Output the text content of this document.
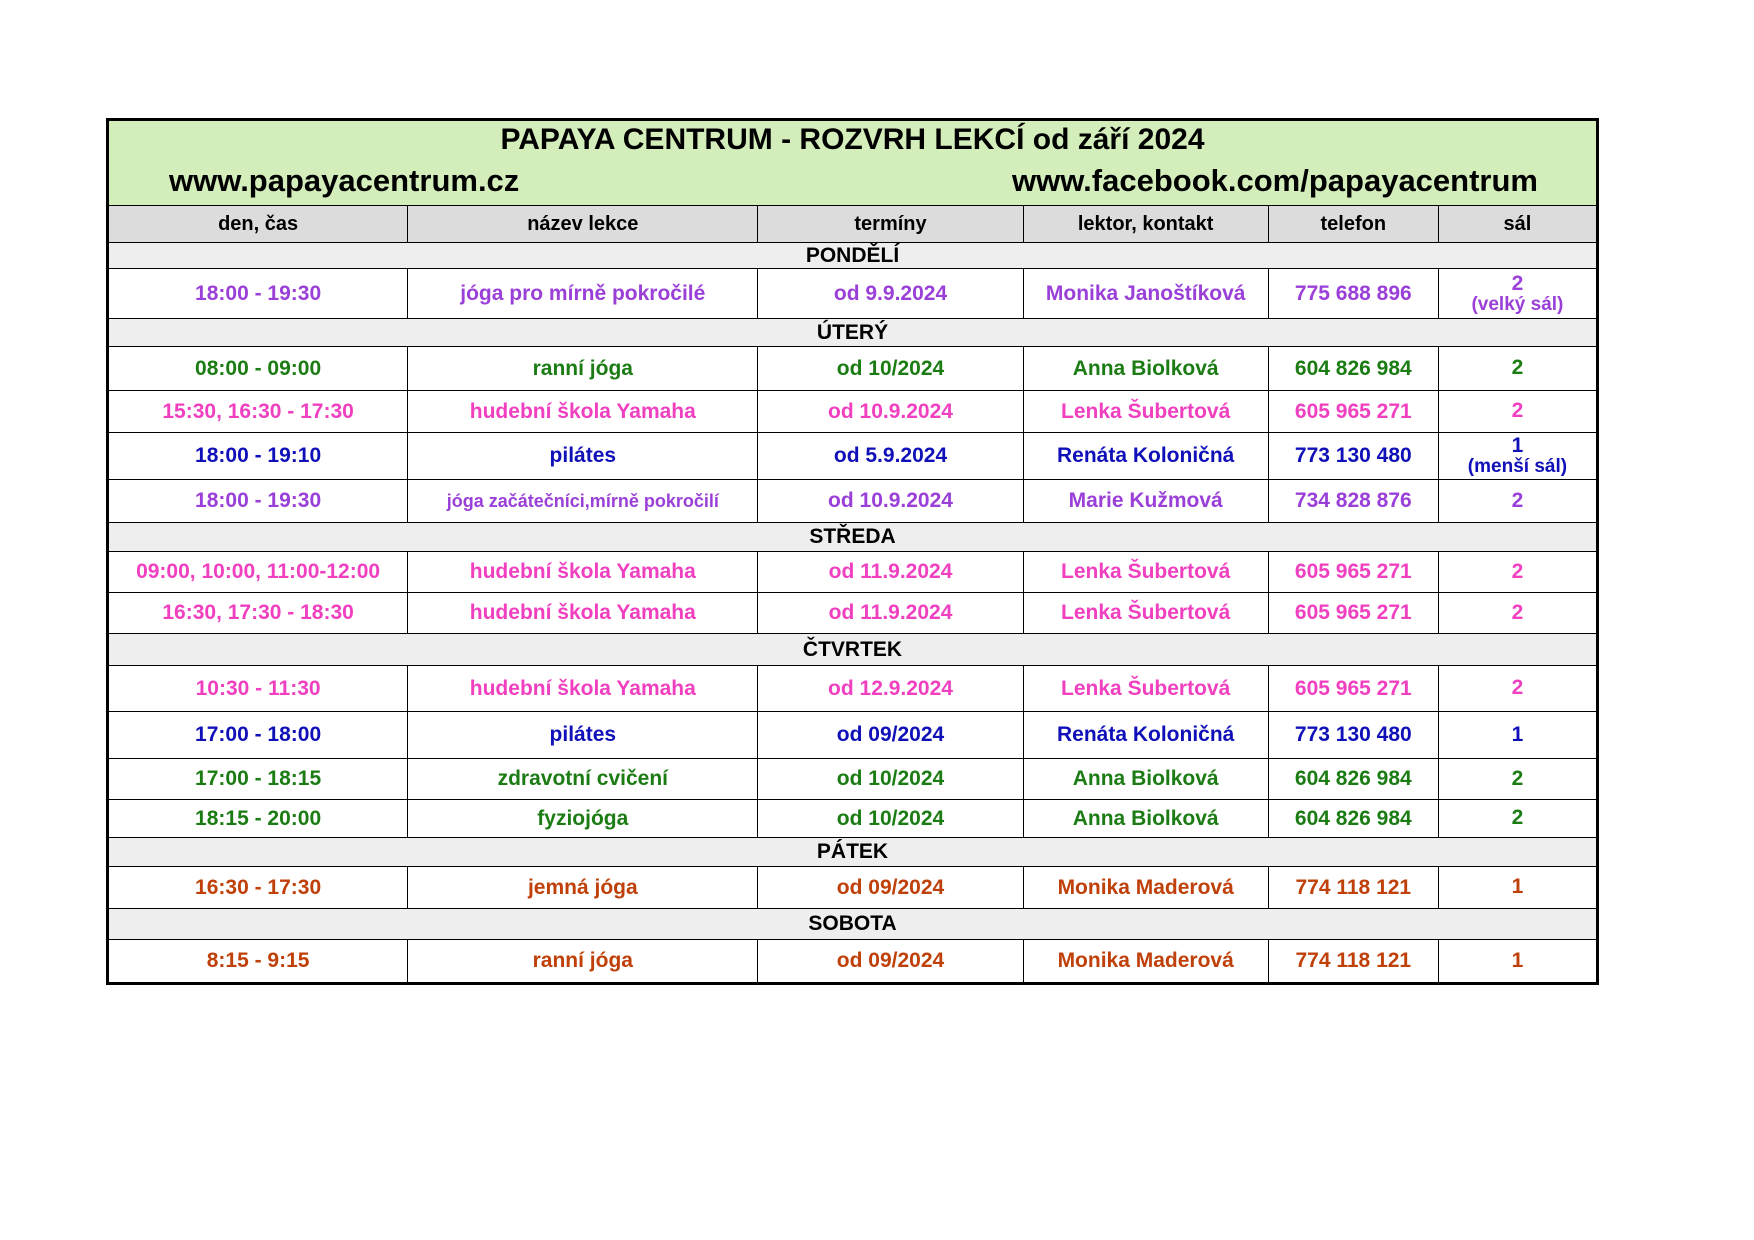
PAPAYA CENTRUM - ROZVRH LEKCÍ od září 2024
www.papayacentrum.cz www.facebook.com/papayacentrum					

den, čas	název lekce	termíny	lektor, kontakt	telefon	sál
PONDĚLÍ					
18:00 - 19:30	jóga pro mírně pokročilé	od 9.9.2024	Monika Janoštíková	775 688 896	2
(velký sál)

ÚTERÝ					
08:00 - 09:00	ranní jóga	od 10/2024	Anna Biolková	604 826 984	2
15:30, 16:30 - 17:30	hudební škola Yamaha	od 10.9.2024	Lenka Šubertová	605 965 271	2
18:00 - 19:10	pilátes	od 5.9.2024	Renáta Koloničná	773 130 480	1
(menší sál)

18:00 - 19:30	jóga začátečníci,mírně pokročilí	od 10.9.2024	Marie Kužmová	734 828 876	2
STŘEDA					
09:00, 10:00, 11:00-12:00	hudební škola Yamaha	od 11.9.2024	Lenka Šubertová	605 965 271	2
16:30, 17:30 - 18:30	hudební škola Yamaha	od 11.9.2024	Lenka Šubertová	605 965 271	2
ČTVRTEK					
10:30 - 11:30	hudební škola Yamaha	od 12.9.2024	Lenka Šubertová	605 965 271	2
17:00 - 18:00	pilátes	od 09/2024	Renáta Koloničná	773 130 480	1
17:00 - 18:15	zdravotní cvičení	od 10/2024	Anna Biolková	604 826 984	2
18:15 - 20:00	fyziojóga	od 10/2024	Anna Biolková	604 826 984	2
PÁTEK					
16:30 - 17:30	jemná jóga	od 09/2024	Monika Maderová	774 118 121	1
SOBOTA					
8:15 - 9:15	ranní jóga	od 09/2024	Monika Maderová	774 118 121	1
